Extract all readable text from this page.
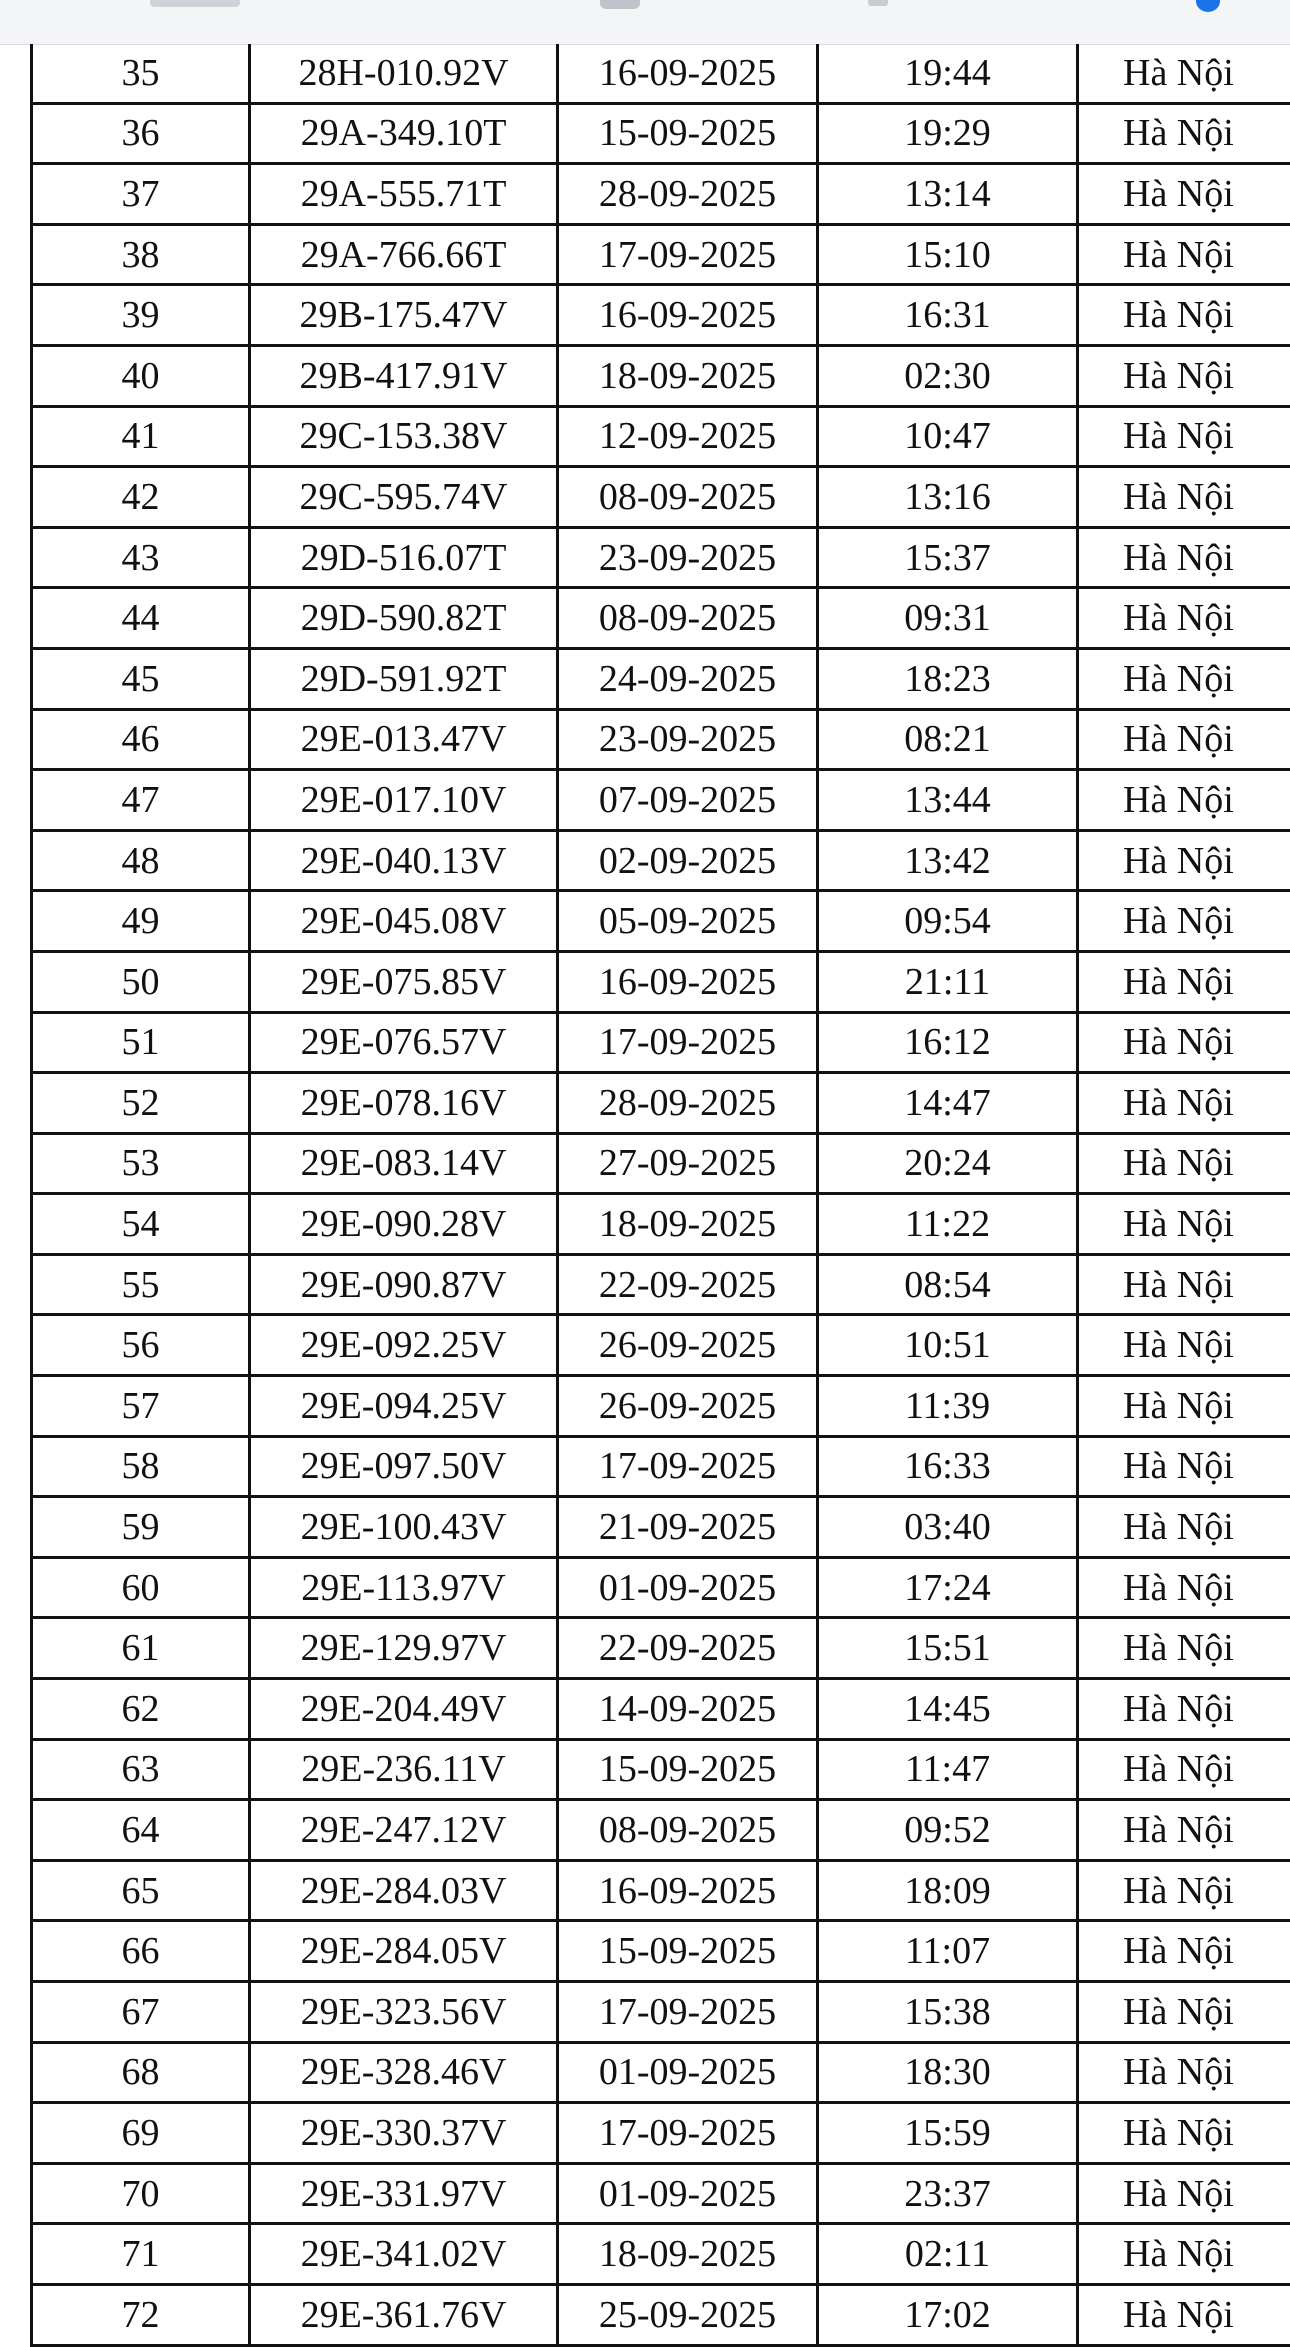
35	28H-010.92V	16-09-2025	19:44	Hà Nội
36	29A-349.10T	15-09-2025	19:29	Hà Nội
37	29A-555.71T	28-09-2025	13:14	Hà Nội
38	29A-766.66T	17-09-2025	15:10	Hà Nội
39	29B-175.47V	16-09-2025	16:31	Hà Nội
40	29B-417.91V	18-09-2025	02:30	Hà Nội
41	29C-153.38V	12-09-2025	10:47	Hà Nội
42	29C-595.74V	08-09-2025	13:16	Hà Nội
43	29D-516.07T	23-09-2025	15:37	Hà Nội
44	29D-590.82T	08-09-2025	09:31	Hà Nội
45	29D-591.92T	24-09-2025	18:23	Hà Nội
46	29E-013.47V	23-09-2025	08:21	Hà Nội
47	29E-017.10V	07-09-2025	13:44	Hà Nội
48	29E-040.13V	02-09-2025	13:42	Hà Nội
49	29E-045.08V	05-09-2025	09:54	Hà Nội
50	29E-075.85V	16-09-2025	21:11	Hà Nội
51	29E-076.57V	17-09-2025	16:12	Hà Nội
52	29E-078.16V	28-09-2025	14:47	Hà Nội
53	29E-083.14V	27-09-2025	20:24	Hà Nội
54	29E-090.28V	18-09-2025	11:22	Hà Nội
55	29E-090.87V	22-09-2025	08:54	Hà Nội
56	29E-092.25V	26-09-2025	10:51	Hà Nội
57	29E-094.25V	26-09-2025	11:39	Hà Nội
58	29E-097.50V	17-09-2025	16:33	Hà Nội
59	29E-100.43V	21-09-2025	03:40	Hà Nội
60	29E-113.97V	01-09-2025	17:24	Hà Nội
61	29E-129.97V	22-09-2025	15:51	Hà Nội
62	29E-204.49V	14-09-2025	14:45	Hà Nội
63	29E-236.11V	15-09-2025	11:47	Hà Nội
64	29E-247.12V	08-09-2025	09:52	Hà Nội
65	29E-284.03V	16-09-2025	18:09	Hà Nội
66	29E-284.05V	15-09-2025	11:07	Hà Nội
67	29E-323.56V	17-09-2025	15:38	Hà Nội
68	29E-328.46V	01-09-2025	18:30	Hà Nội
69	29E-330.37V	17-09-2025	15:59	Hà Nội
70	29E-331.97V	01-09-2025	23:37	Hà Nội
71	29E-341.02V	18-09-2025	02:11	Hà Nội
72	29E-361.76V	25-09-2025	17:02	Hà Nội
